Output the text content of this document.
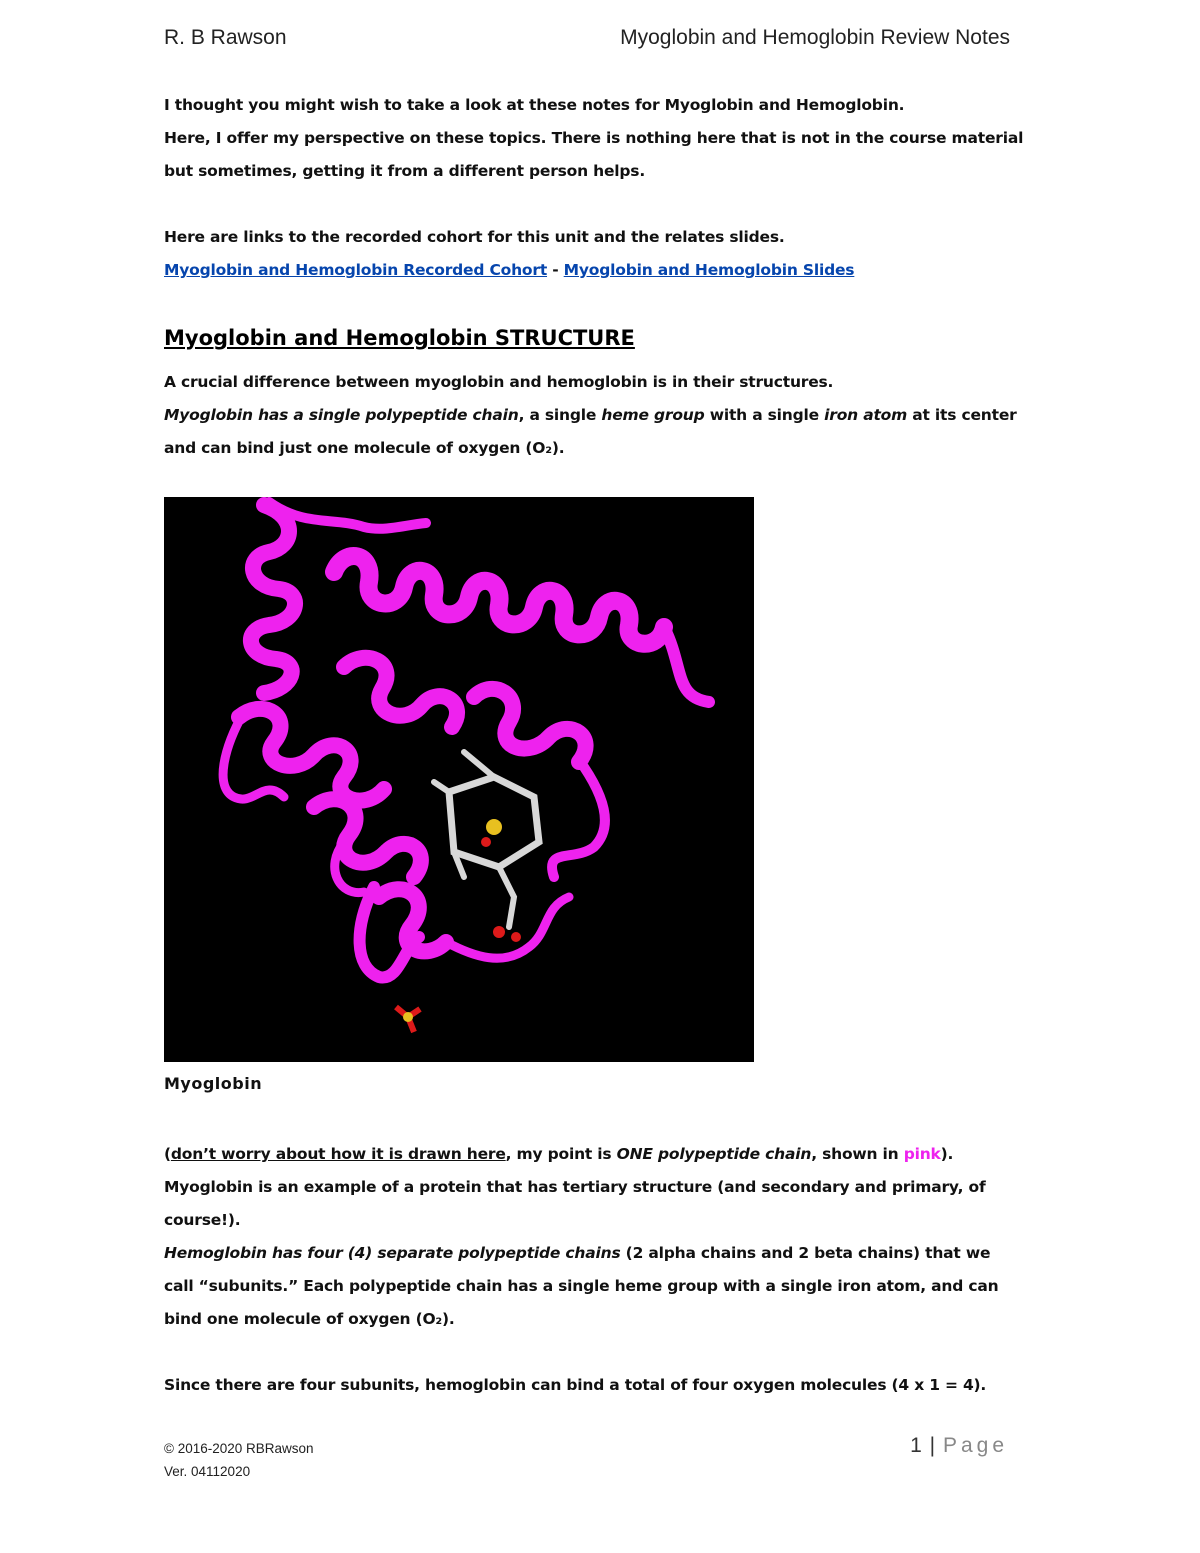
R. B Rawson	Myoglobin and Hemoglobin Review Notes
I thought you might wish to take a look at these notes for Myoglobin and Hemoglobin.
Here, I offer my perspective on these topics. There is nothing here that is not in the course material but sometimes, getting it from a different person helps.
Here are links to the recorded cohort for this unit and the relates slides.
Myoglobin and Hemoglobin Recorded Cohort - Myoglobin and Hemoglobin Slides
Myoglobin and Hemoglobin STRUCTURE
A crucial difference between myoglobin and hemoglobin is in their structures.
Myoglobin has a single polypeptide chain, a single heme group with a single iron atom at its center and can bind just one molecule of oxygen (O₂).
Myoglobin
(don’t worry about how it is drawn here, my point is ONE polypeptide chain, shown in pink). Myoglobin is an example of a protein that has tertiary structure (and secondary and primary, of course!).
Hemoglobin has four (4) separate polypeptide chains (2 alpha chains and 2 beta chains) that we call “subunits.” Each polypeptide chain has a single heme group with a single iron atom, and can bind one molecule of oxygen (O₂).
Since there are four subunits, hemoglobin can bind a total of four oxygen molecules (4 x 1 = 4).
© 2016-2020 RBRawson
Ver. 04112020
1 | Page
